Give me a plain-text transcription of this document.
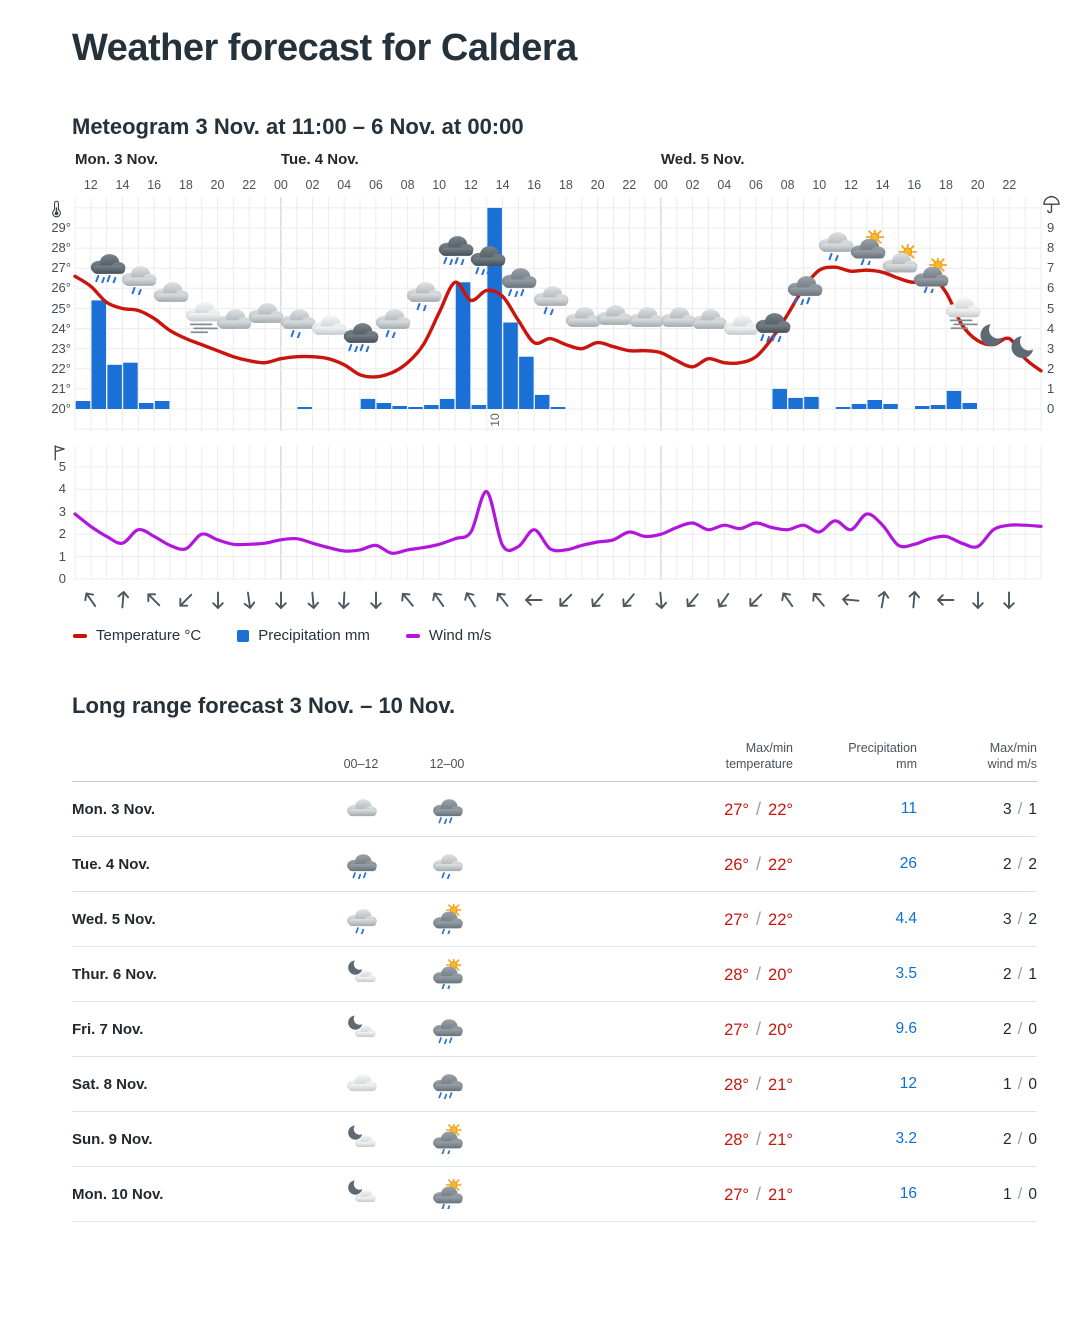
Weather forecast for Caldera
Meteogram 3 Nov. at 11:00 – 6 Nov. at 00:00
Mon. 3 Nov.	Tue. 4 Nov.	Wed. 5 Nov.
12	14	16	18	20	22	00	02	04	06	08	10	12	14	16	18	20	22	00	02	04	06	08	10	12	14	16	18	20	22
29°
28°
27°
26°
25°
24°
23°
22°
21°
20°
9
8
7
6
5
4
3
2
1
0
5
4
3
2
1
0
10
Temperature °C	Precipitation mm	Wind m/s
Long range forecast 3 Nov. – 10 Nov.
00–12	12–00
Max/min
temperature
Precipitation
mm
Max/min
wind m/s
Mon. 3 Nov.	27° / 22°	11	3 / 1
Tue. 4 Nov.	26° / 22°	26	2 / 2
Wed. 5 Nov.	27° / 22°	4.4	3 / 2
Thur. 6 Nov.	28° / 20°	3.5	2 / 1
Fri. 7 Nov.	27° / 20°	9.6	2 / 0
Sat. 8 Nov.	28° / 21°	12	1 / 0
Sun. 9 Nov.	28° / 21°	3.2	2 / 0
Mon. 10 Nov.	27° / 21°	16	1 / 0
